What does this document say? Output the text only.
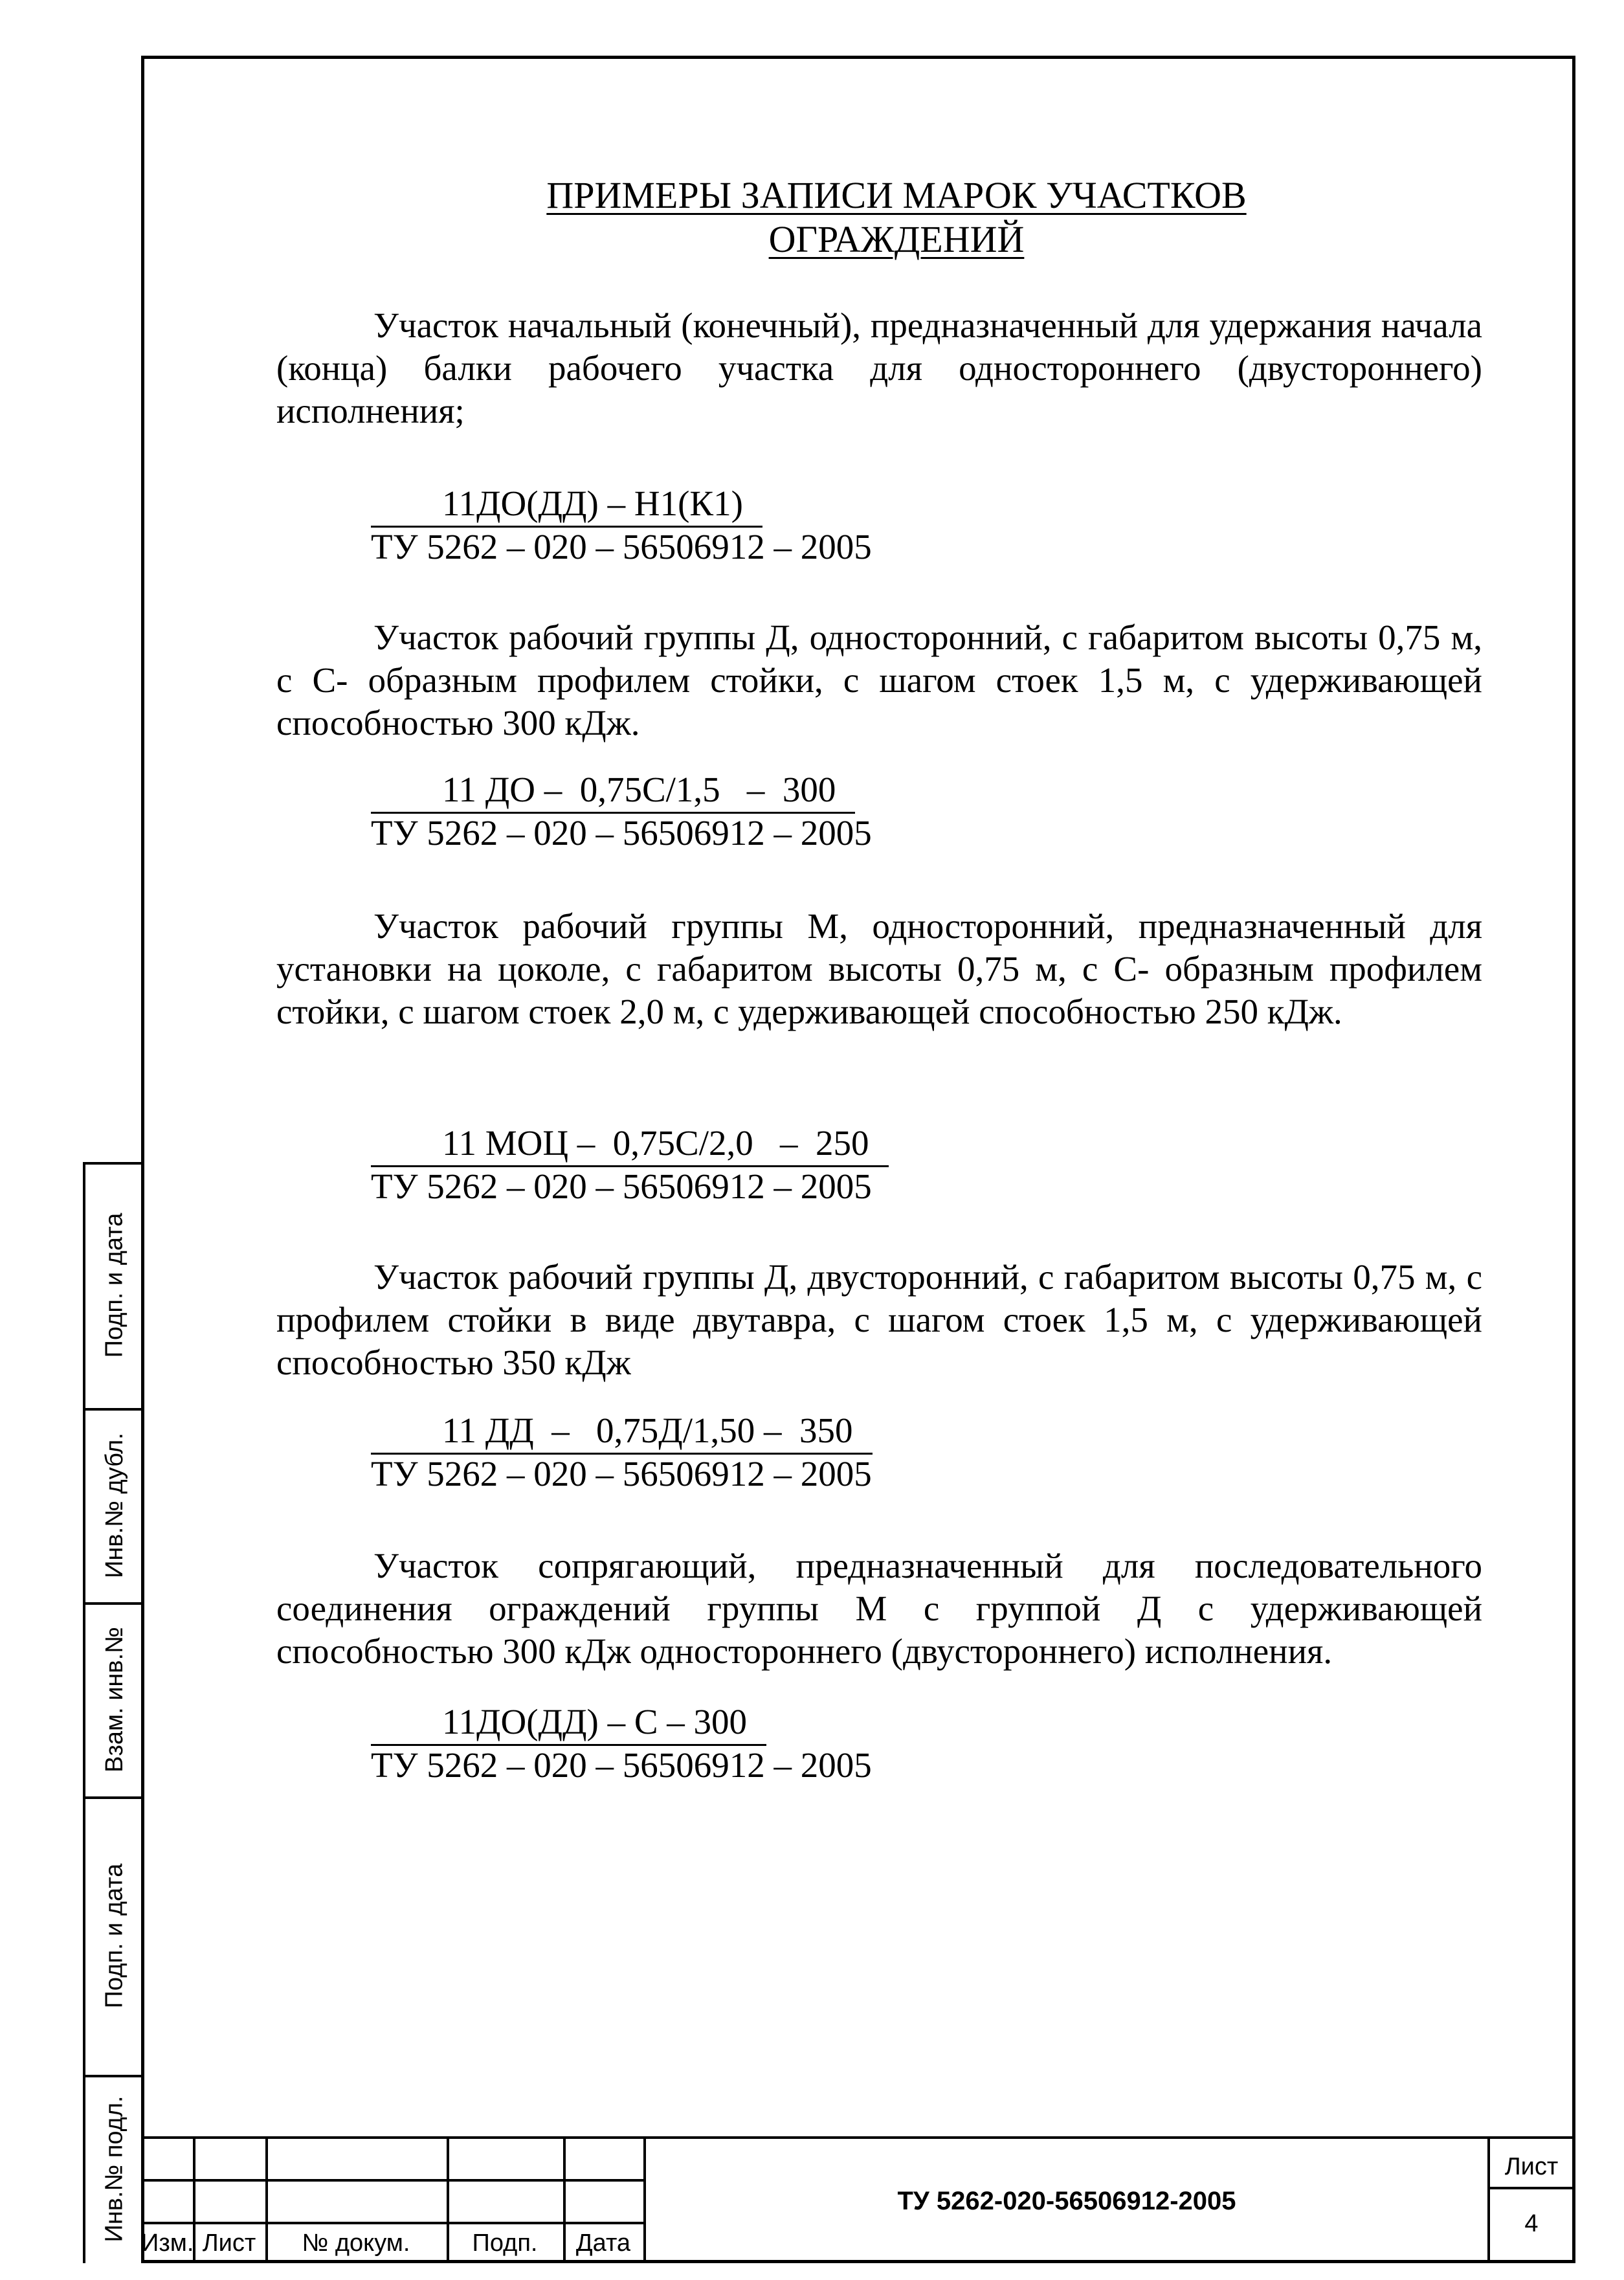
ПРИМЕРЫ ЗАПИСИ МАРОК УЧАСТКОВ
ОГРАЖДЕНИЙ

Участок начальный (конечный), предназначенный для удержания начала (конца) балки рабочего участка для одностороннего (двустороннего) исполнения;

11ДО(ДД) – Н1(К1)
ТУ 5262 – 020 – 56506912 – 2005

Участок рабочий группы Д, односторонний, с габаритом высоты 0,75 м, с С- образным профилем стойки, с шагом стоек 1,5 м, с удерживающей способностью 300 кДж.

11 ДО –  0,75С/1,5   –  300
ТУ 5262 – 020 – 56506912 – 2005

Участок рабочий группы М, односторонний, предназначенный для установки на цоколе, с габаритом высоты 0,75 м, с С- образным профилем стойки, с шагом стоек 2,0 м, с удерживающей способностью 250 кДж.

11 МОЦ –  0,75С/2,0   –  250
ТУ 5262 – 020 – 56506912 – 2005

Участок рабочий группы Д, двусторонний, с габаритом высоты 0,75 м, с профилем стойки в виде двутавра, с шагом стоек 1,5 м, с удерживающей способностью 350 кДж

11 ДД  –   0,75Д/1,50 –  350
ТУ 5262 – 020 – 56506912 – 2005

Участок сопрягающий, предназначенный для последовательного соединения ограждений группы М с группой Д с удерживающей способностью 300 кДж одностороннего (двустороннего) исполнения.

11ДО(ДД) – С – 300
ТУ 5262 – 020 – 56506912 – 2005
Подп. и дата
Инв.№ дубл.
Взам. инв.№
Подп. и дата
Инв.№ подл.
Изм. Лист	№ докум.	Подп.	Дата
ТУ 5262-020-56506912-2005
Лист
4
